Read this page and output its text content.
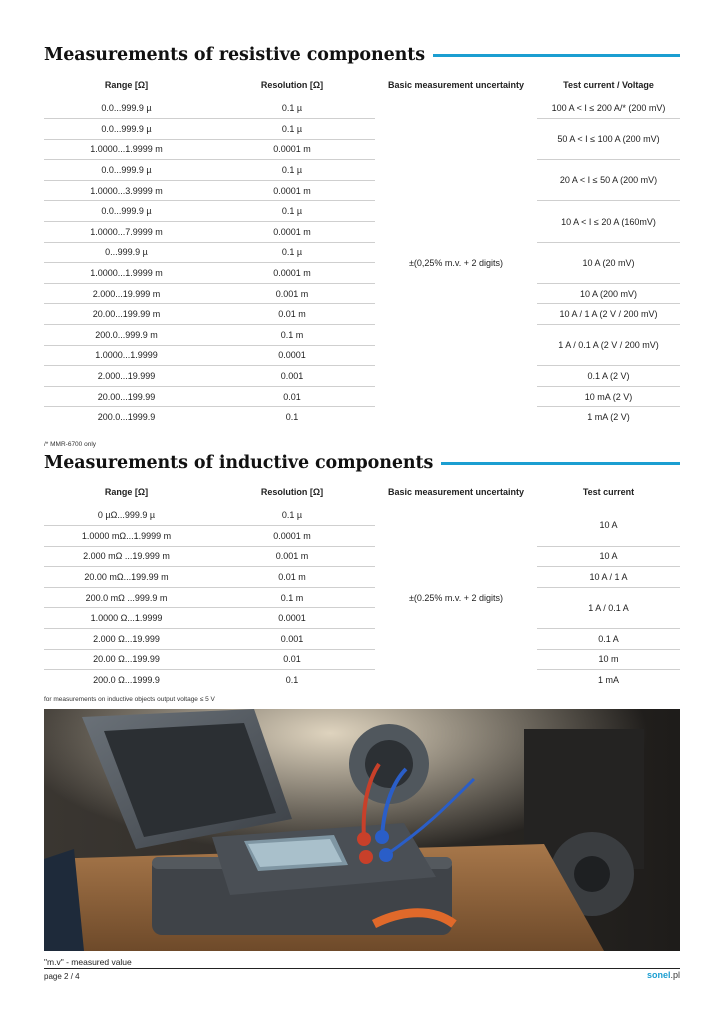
Measurements of resistive components
Range [Ω]	Resolution [Ω]		Basic measurement uncertainty		Test current / Voltage
0.0...999.9 µ	0.1 µ		±(0,25% m.v. + 2 digits)		100 A < I ≤ 200 A/* (200 mV)
0.0...999.9 µ	0.1 µ				50 A < I ≤ 100 A (200 mV)
1.0000...1.9999 m	0.0001 m				
0.0...999.9 µ	0.1 µ				20 A < I ≤ 50 A (200 mV)
1.0000...3.9999 m	0.0001 m				
0.0...999.9 µ	0.1 µ				10 A < I ≤ 20 A (160mV)
1.0000...7.9999 m	0.0001 m				
0...999.9 µ	0.1 µ				10 A (20 mV)
1.0000...1.9999 m	0.0001 m				
2.000...19.999 m	0.001 m				10 A (200 mV)
20.00...199.99 m	0.01 m				10 A / 1 A (2 V / 200 mV)
200.0...999.9 m	0.1 m				1 A / 0.1 A (2 V / 200 mV)
1.0000...1.9999	0.0001				
2.000...19.999	0.001				0.1 A (2 V)
20.00...199.99	0.01				10 mA (2 V)
200.0...1999.9	0.1				1 mA (2 V)
/* MMR-6700 only
Measurements of inductive components
Range [Ω]	Resolution [Ω]		Basic measurement uncertainty		Test current
0 µΩ...999.9 µ	0.1 µ		±(0.25% m.v. + 2 digits)		10 A
1.0000 mΩ...1.9999 m	0.0001 m				
2.000 mΩ ...19.999 m	0.001 m				10 A
20.00 mΩ...199.99 m	0.01 m				10 A / 1 A
200.0 mΩ ...999.9 m	0.1 m				1 A / 0.1 A
1.0000 Ω...1.9999	0.0001				
2.000 Ω...19.999	0.001				0.1 A
20.00 Ω...199.99	0.01				10 m
200.0 Ω...1999.9	0.1				1 mA
for measurements on inductive objects output voltage ≤ 5 V
"m.v" - measured value
page 2 / 4	sonel.pl
